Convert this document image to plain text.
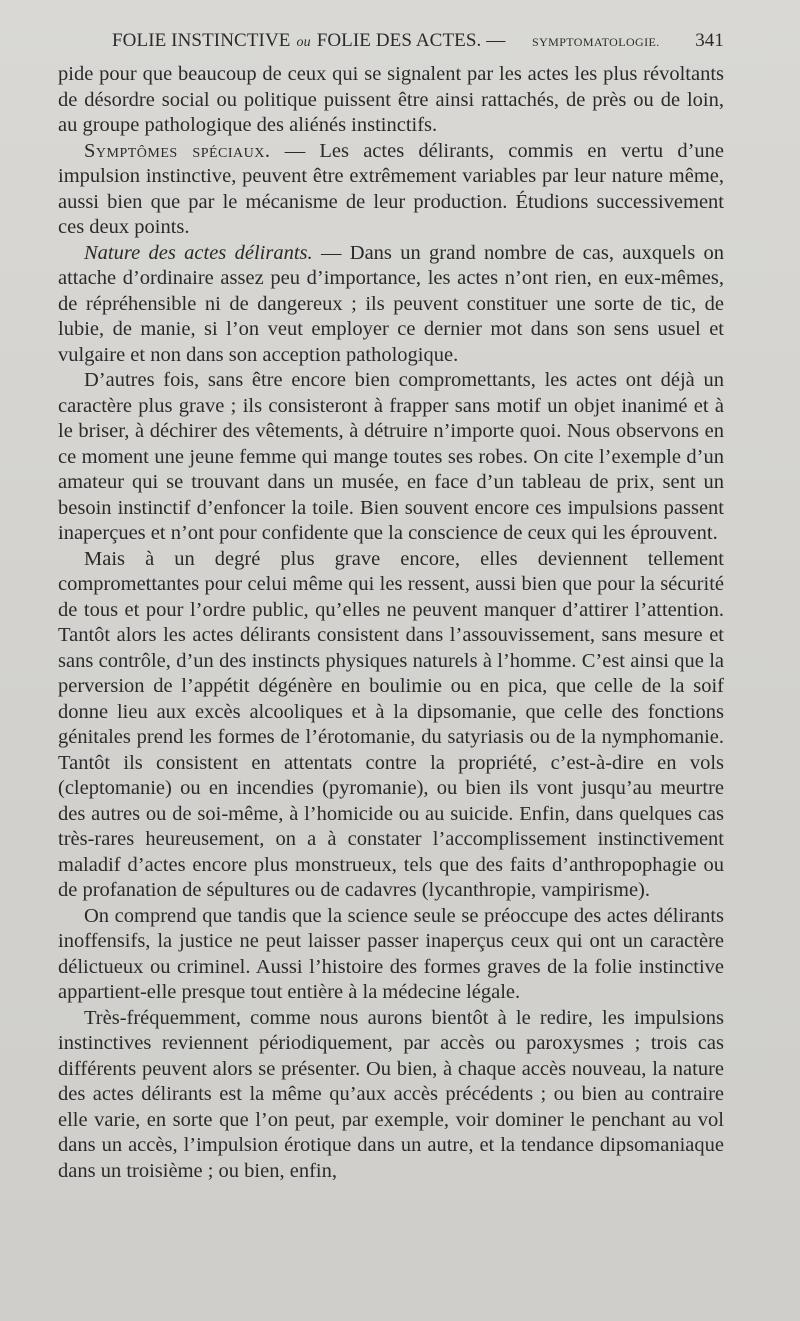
FOLIE INSTINCTIVE ou FOLIE DES ACTES. — SYMPTOMATOLOGIE. 341

pide pour que beaucoup de ceux qui se signalent par les actes les plus révoltants de désordre social ou politique puissent être ainsi rattachés, de près ou de loin, au groupe pathologique des aliénés instinctifs.

Symptômes spéciaux. — Les actes délirants, commis en vertu d’une impulsion instinctive, peuvent être extrêmement variables par leur nature même, aussi bien que par le mécanisme de leur production. Étudions successivement ces deux points.

Nature des actes délirants. — Dans un grand nombre de cas, auxquels on attache d’ordinaire assez peu d’importance, les actes n’ont rien, en eux-mêmes, de répréhensible ni de dangereux ; ils peuvent constituer une sorte de tic, de lubie, de manie, si l’on veut employer ce dernier mot dans son sens usuel et vulgaire et non dans son acception pathologique.

D’autres fois, sans être encore bien compromettants, les actes ont déjà un caractère plus grave ; ils consisteront à frapper sans motif un objet inanimé et à le briser, à déchirer des vêtements, à détruire n’importe quoi. Nous observons en ce moment une jeune femme qui mange toutes ses robes. On cite l’exemple d’un amateur qui se trouvant dans un musée, en face d’un tableau de prix, sent un besoin instinctif d’enfoncer la toile. Bien souvent encore ces impulsions passent inaperçues et n’ont pour confidente que la conscience de ceux qui les éprouvent.

Mais à un degré plus grave encore, elles deviennent tellement compromettantes pour celui même qui les ressent, aussi bien que pour la sécurité de tous et pour l’ordre public, qu’elles ne peuvent manquer d’attirer l’attention. Tantôt alors les actes délirants consistent dans l’assouvissement, sans mesure et sans contrôle, d’un des instincts physiques naturels à l’homme. C’est ainsi que la perversion de l’appétit dégénère en boulimie ou en pica, que celle de la soif donne lieu aux excès alcooliques et à la dipsomanie, que celle des fonctions génitales prend les formes de l’érotomanie, du satyriasis ou de la nymphomanie. Tantôt ils consistent en attentats contre la propriété, c’est-à-dire en vols (cleptomanie) ou en incendies (pyromanie), ou bien ils vont jusqu’au meurtre des autres ou de soi-même, à l’homicide ou au suicide. Enfin, dans quelques cas très-rares heureusement, on a à constater l’accomplissement instinctivement maladif d’actes encore plus monstrueux, tels que des faits d’anthropophagie ou de profanation de sépultures ou de cadavres (lycanthropie, vampirisme).

On comprend que tandis que la science seule se préoccupe des actes délirants inoffensifs, la justice ne peut laisser passer inaperçus ceux qui ont un caractère délictueux ou criminel. Aussi l’histoire des formes graves de la folie instinctive appartient-elle presque tout entière à la médecine légale.

Très-fréquemment, comme nous aurons bientôt à le redire, les impulsions instinctives reviennent périodiquement, par accès ou paroxysmes ; trois cas différents peuvent alors se présenter. Ou bien, à chaque accès nouveau, la nature des actes délirants est la même qu’aux accès précédents ; ou bien au contraire elle varie, en sorte que l’on peut, par exemple, voir dominer le penchant au vol dans un accès, l’impulsion érotique dans un autre, et la tendance dipsomaniaque dans un troisième ; ou bien, enfin,
